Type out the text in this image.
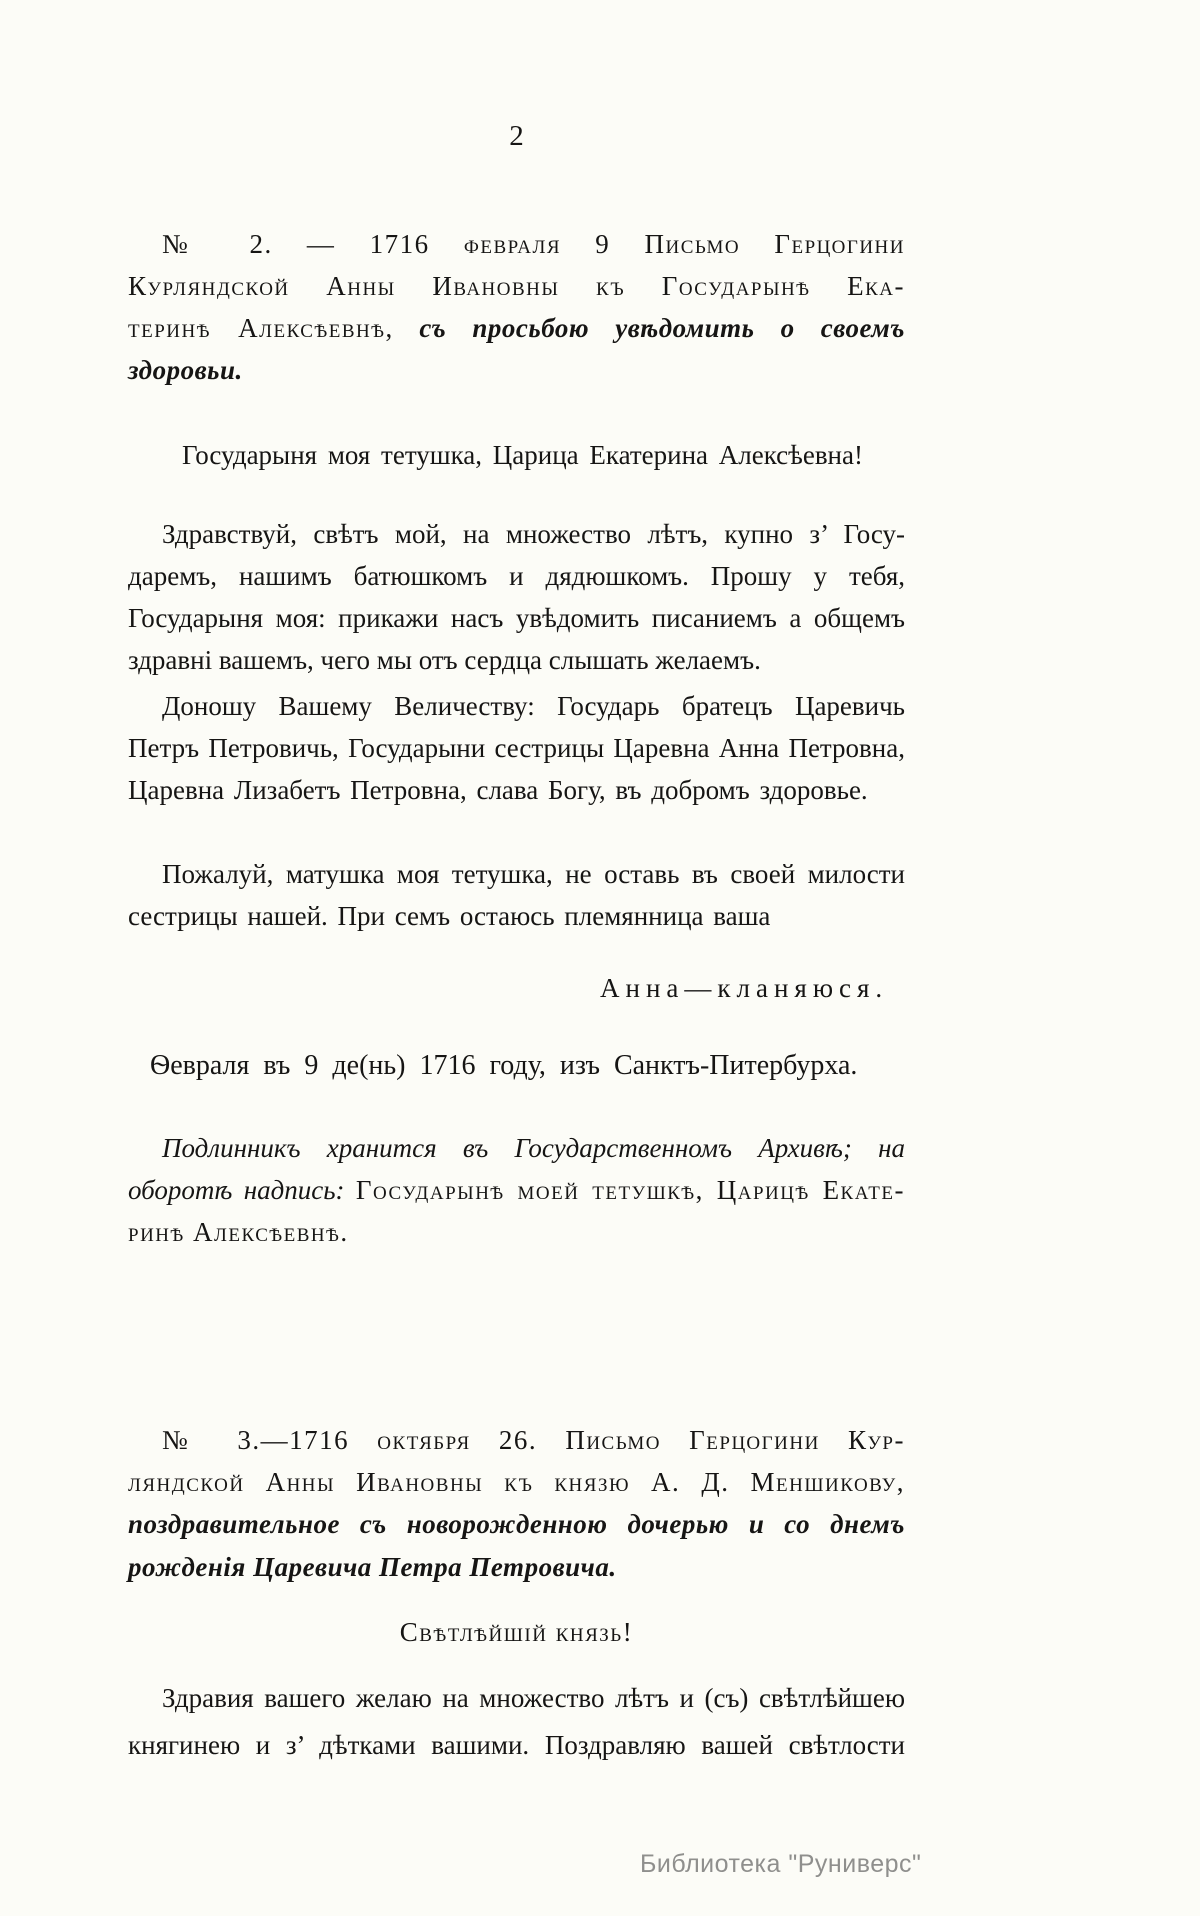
2
№ 2. — 1716 февраля 9 Письмо Герцогини
Курляндской Анны Ивановны къ Государынѣ Ека-
теринѣ Алексѣевнѣ, съ просьбою увѣдомить о своемъ
здоровьи.
Государыня моя тетушка, Царица Екатерина Алексѣевна!
Здравствуй, свѣтъ мой, на множество лѣтъ, купно з’ Госу-
даремъ, нашимъ батюшкомъ и дядюшкомъ. Прошу у тебя,
Государыня моя: прикажи насъ увѣдомить писаниемъ а общемъ
здравні вашемъ, чего мы отъ сердца слышать желаемъ.
Доношу Вашему Величеству: Государь братецъ Царевичь
Петръ Петровичь, Государыни сестрицы Царевна Анна Петровна,
Царевна Лизабетъ Петровна, слава Богу, въ добромъ здоровье.
Пожалуй, матушка моя тетушка, не оставь въ своей милости
сестрицы нашей. При семъ остаюсь племянница ваша
Анна—кланяюся.
Ѳевраля въ 9 де(нь) 1716 году, изъ Санктъ-Питербурха.
Подлинникъ хранится въ Государственномъ Архивѣ; на
оборотѣ надпись: Государынѣ моей тетушкѣ, Царицѣ Екате-
ринѣ Алексѣевнѣ.
№ 3.—1716 октября 26. Письмо Герцогини Кур-
ляндской Анны Ивановны къ князю А. Д. Меншикову,
поздравительное съ новорожденною дочерью и со днемъ
рожденія Царевича Петра Петровича.
Свѣтлѣйшій князь!
Здравия вашего желаю на множество лѣтъ и (съ) свѣтлѣйшею
княгинею и з’ дѣтками вашими. Поздравляю вашей свѣтлости
Библиотека "Руниверс"
